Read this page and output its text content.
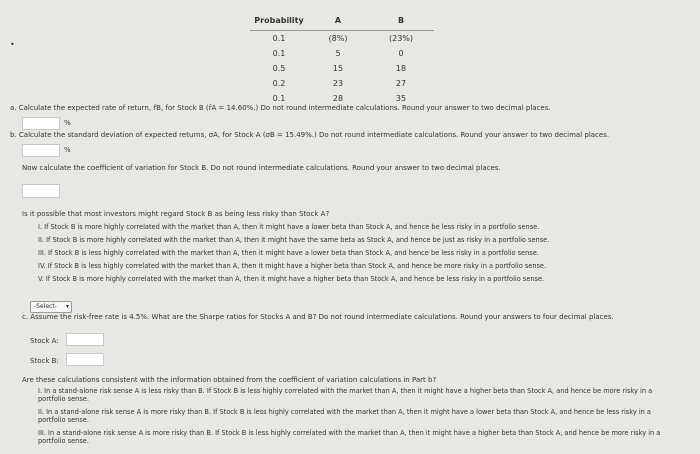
Probability	A	B
0.1	(8%)	(23%)
0.1	5	0
0.5	15	18
0.2	23	27
0.1	28	35
•
a. Calculate the expected rate of return, r̂B, for Stock B (r̂A = 14.60%.) Do not round intermediate calculations. Round your answer to two decimal places.
%
b. Calculate the standard deviation of expected returns, σA, for Stock A (σB = 15.49%.) Do not round intermediate calculations. Round your answer to two decimal places.
%
Now calculate the coefficient of variation for Stock B. Do not round intermediate calculations. Round your answer to two decimal places.
Is it possible that most investors might regard Stock B as being less risky than Stock A?
I. If Stock B is more highly correlated with the market than A, then it might have a lower beta than Stock A, and hence be less risky in a portfolio sense.
II. If Stock B is more highly correlated with the market than A, then it might have the same beta as Stock A, and hence be just as risky in a portfolio sense.
III. If Stock B is less highly correlated with the market than A, then it might have a lower beta than Stock A, and hence be less risky in a portfolio sense.
IV. If Stock B is less highly correlated with the market than A, then it might have a higher beta than Stock A, and hence be more risky in a portfolio sense.
V. If Stock B is more highly correlated with the market than A, then it might have a higher beta than Stock A, and hence be less risky in a portfolio sense.
-Select- ▾
c. Assume the risk-free rate is 4.5%. What are the Sharpe ratios for Stocks A and B? Do not round intermediate calculations. Round your answers to four decimal places.
Stock A:
Stock B:
Are these calculations consistent with the information obtained from the coefficient of variation calculations in Part b?
I. In a stand-alone risk sense A is less risky than B. If Stock B is less highly correlated with the market than A, then it might have a higher beta than Stock A, and hence be more risky in a portfolio sense.
II. In a stand-alone risk sense A is more risky than B. If Stock B is less highly correlated with the market than A, then it might have a lower beta than Stock A, and hence be less risky in a portfolio sense.
III. In a stand-alone risk sense A is more risky than B. If Stock B is less highly correlated with the market than A, then it might have a higher beta than Stock A, and hence be more risky in a portfolio sense.
